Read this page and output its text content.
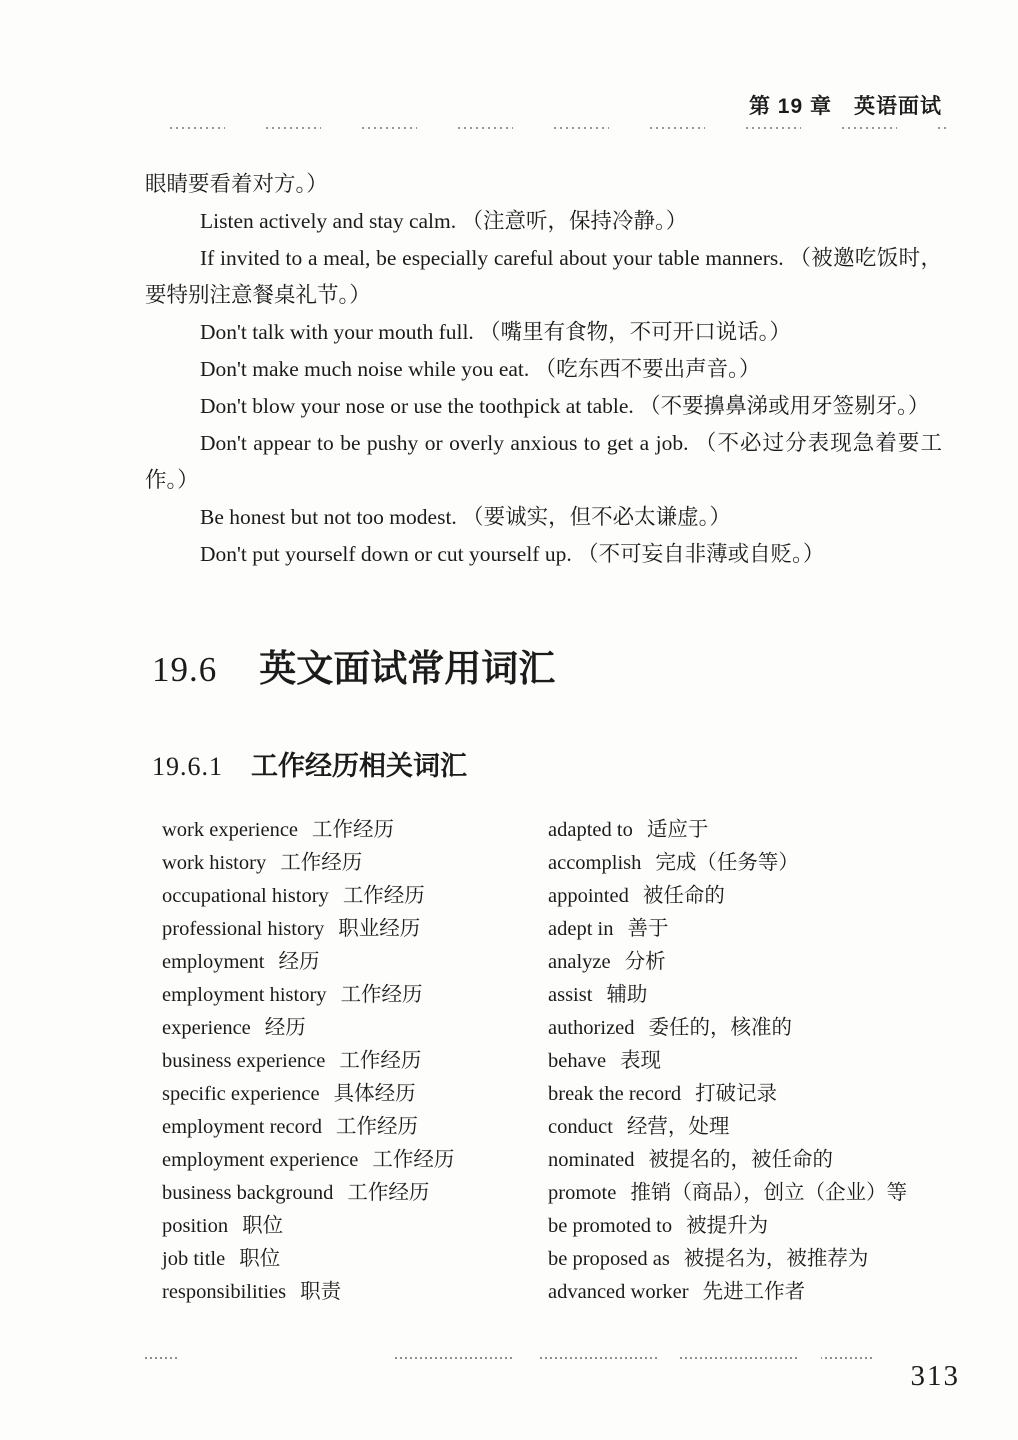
第 19 章　英语面试

眼睛要看着对方。）

Listen actively and stay calm. （注意听，保持冷静。）

If invited to a meal, be especially careful about your table manners. （被邀吃饭时，要特别注意餐桌礼节。）

Don't talk with your mouth full. （嘴里有食物，不可开口说话。）

Don't make much noise while you eat. （吃东西不要出声音。）

Don't blow your nose or use the toothpick at table. （不要擤鼻涕或用牙签剔牙。）

Don't appear to be pushy or overly anxious to get a job. （不必过分表现急着要工作。）

Be honest but not too modest. （要诚实，但不必太谦虚。）

Don't put yourself down or cut yourself up. （不可妄自非薄或自贬。）

19.6 英文面试常用词汇
19.6.1 工作经历相关词汇
work experience 工作经历
work history 工作经历
occupational history 工作经历
professional history 职业经历
employment 经历
employment history 工作经历
experience 经历
business experience 工作经历
specific experience 具体经历
employment record 工作经历
employment experience 工作经历
business background 工作经历
position 职位
job title 职位
responsibilities 职责
adapted to 适应于
accomplish 完成（任务等）
appointed 被任命的
adept in 善于
analyze 分析
assist 辅助
authorized 委任的，核准的
behave 表现
break the record 打破记录
conduct 经营，处理
nominated 被提名的，被任命的
promote 推销（商品），创立（企业）等
be promoted to 被提升为
be proposed as 被提名为，被推荐为
advanced worker 先进工作者
313
